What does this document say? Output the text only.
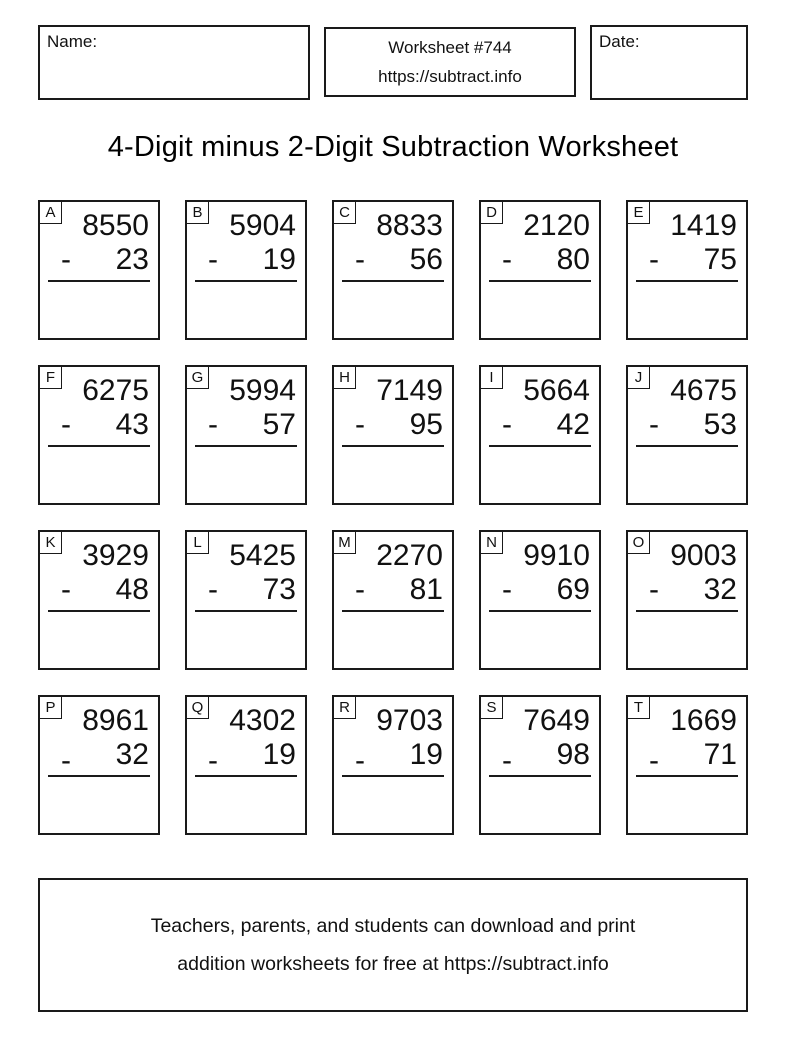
Name:	Worksheet #744
https://subtract.info
Date:
4-Digit minus 2-Digit Subtraction Worksheet
A 8550
- 23
B 5904
- 19
C 8833
- 56
D 2120
- 80
E 1419
- 75
F 6275
- 43
G 5994
- 57
H 7149
- 95
I 5664
- 42
J 4675
- 53
K 3929
- 48
L 5425
- 73
M 2270
- 81
N 9910
- 69
O 9003
- 32
P 8961
- 32
Q 4302
- 19
R 9703
- 19
S 7649
- 98
T 1669
- 71
Teachers, parents, and students can download and print
addition worksheets for free at https://subtract.info
